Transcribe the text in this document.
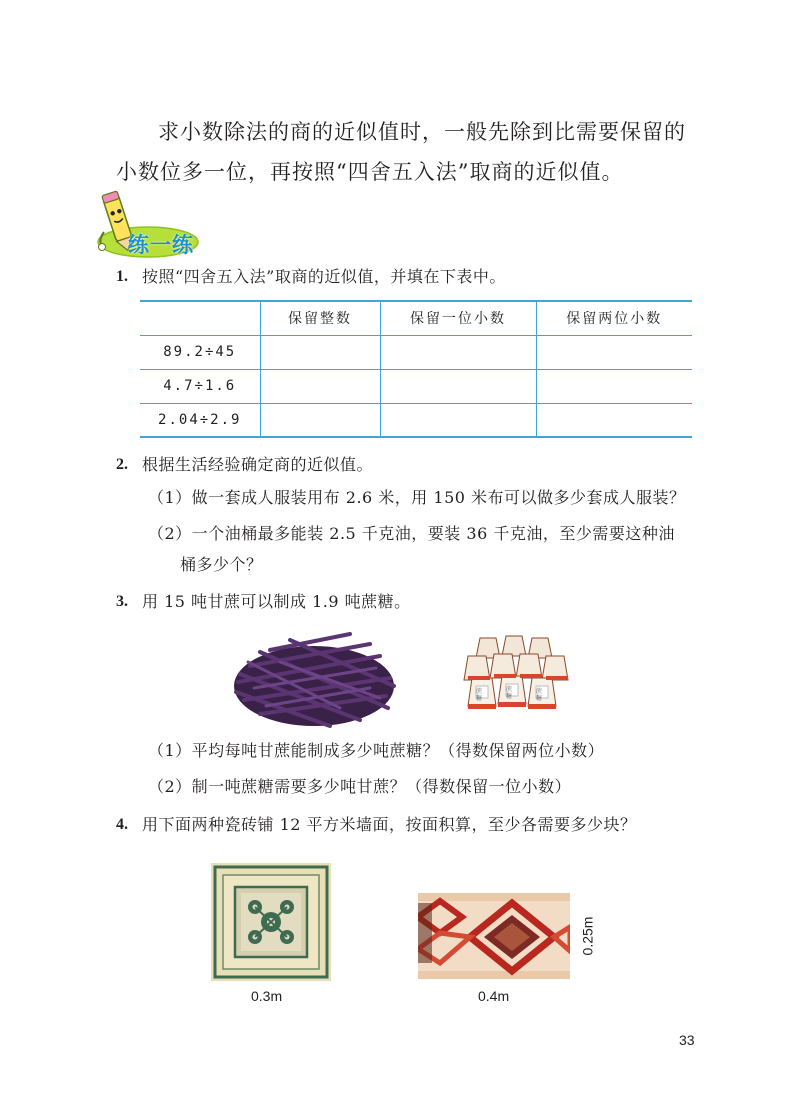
求小数除法的商的近似值时，一般先除到比需要保留的小数位多一位，再按照“四舍五入法”取商的近似值。

练一练
1. 按照“四舍五入法”取商的近似值，并填在下表中。
	保留整数	保留一位小数	保留两位小数
89.2÷45			
4.7÷1.6			
2.04÷2.9			
2. 根据生活经验确定商的近似值。
（1）做一套成人服装用布 2.6 米，用 150 米布可以做多少套成人服装？
（2）一个油桶最多能装 2.5 千克油，要装 36 千克油，至少需要这种油
桶多少个？
3. 用 15 吨甘蔗可以制成 1.9 吨蔗糖。
蔗糖
蔗糖
蔗糖
（1）平均每吨甘蔗能制成多少吨蔗糖？（得数保留两位小数）
（2）制一吨蔗糖需要多少吨甘蔗？（得数保留一位小数）
4. 用下面两种瓷砖铺 12 平方米墙面，按面积算，至少各需要多少块？
0.3m	0.4m
0.25m
33
